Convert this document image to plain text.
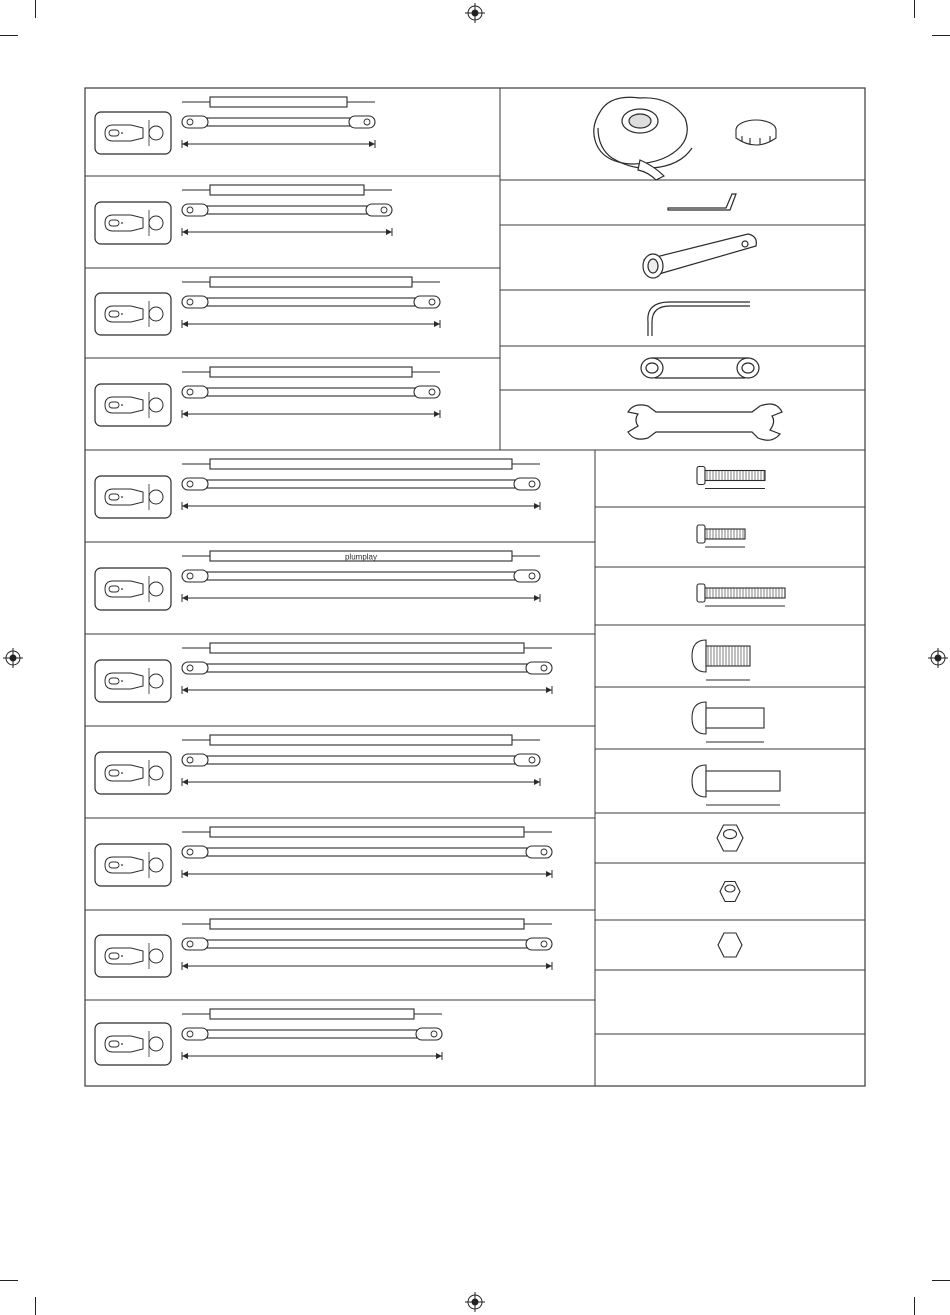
plumplay
